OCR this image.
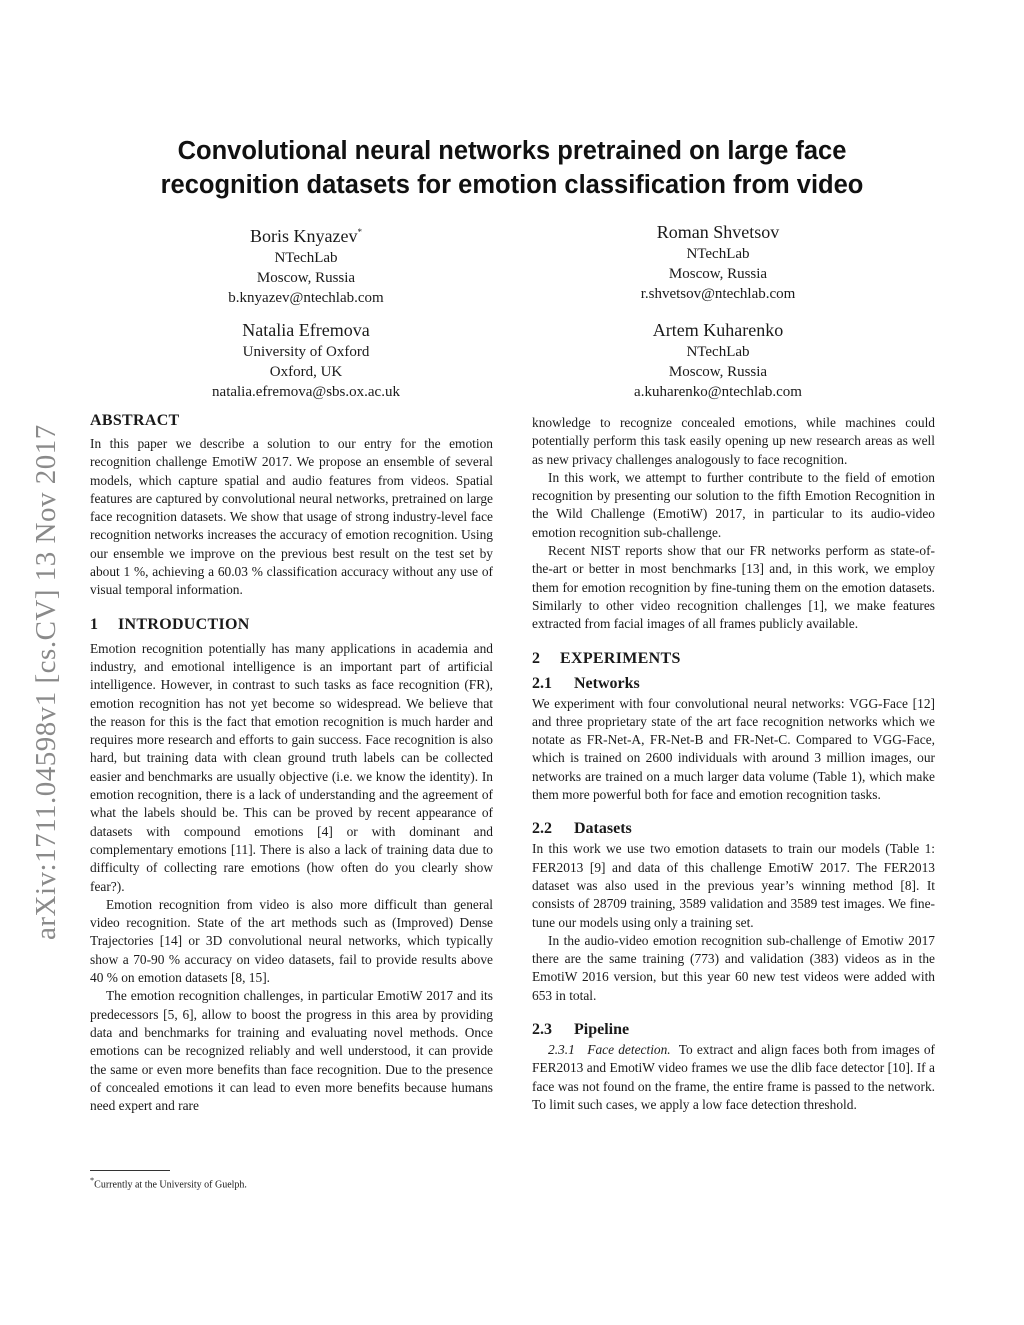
arXiv:1711.04598v1 [cs.CV] 13 Nov 2017
Convolutional neural networks pretrained on large face
recognition datasets for emotion classification from video
Boris Knyazev*
NTechLab
Moscow, Russia
b.knyazev@ntechlab.com
Roman Shvetsov
NTechLab
Moscow, Russia
r.shvetsov@ntechlab.com
Natalia Efremova
University of Oxford
Oxford, UK
natalia.efremova@sbs.ox.ac.uk
Artem Kuharenko
NTechLab
Moscow, Russia
a.kuharenko@ntechlab.com
ABSTRACT

In this paper we describe a solution to our entry for the emotion recognition challenge EmotiW 2017. We propose an ensemble of several models, which capture spatial and audio features from videos. Spatial features are captured by convolutional neural networks, pretrained on large face recognition datasets. We show that usage of strong industry-level face recognition networks increases the accuracy of emotion recognition. Using our ensemble we improve on the previous best result on the test set by about 1 %, achieving a 60.03 % classification accuracy without any use of visual temporal information.

1 INTRODUCTION

Emotion recognition potentially has many applications in academia and industry, and emotional intelligence is an important part of artificial intelligence. However, in contrast to such tasks as face recognition (FR), emotion recognition has not yet become so widespread. We believe that the reason for this is the fact that emotion recognition is much harder and requires more research and efforts to gain success. Face recognition is also hard, but training data with clean ground truth labels can be collected easier and benchmarks are usually objective (i.e. we know the identity). In emotion recognition, there is a lack of understanding and the agreement of what the labels should be. This can be proved by recent appearance of datasets with compound emotions [4] or with dominant and complementary emotions [11]. There is also a lack of training data due to difficulty of collecting rare emotions (how often do you clearly show fear?).

Emotion recognition from video is also more difficult than general video recognition. State of the art methods such as (Improved) Dense Trajectories [14] or 3D convolutional neural networks, which typically show a 70-90 % accuracy on video datasets, fail to provide results above 40 % on emotion datasets [8, 15].

The emotion recognition challenges, in particular EmotiW 2017 and its predecessors [5, 6], allow to boost the progress in this area by providing data and benchmarks for training and evaluating novel methods. Once emotions can be recognized reliably and well understood, it can provide the same or even more benefits than face recognition. Due to the presence of concealed emotions it can lead to even more benefits because humans need expert and rare

*Currently at the University of Guelph.

knowledge to recognize concealed emotions, while machines could potentially perform this task easily opening up new research areas as well as new privacy challenges analogously to face recognition.

In this work, we attempt to further contribute to the field of emotion recognition by presenting our solution to the fifth Emotion Recognition in the Wild Challenge (EmotiW) 2017, in particular to its audio-video emotion recognition sub-challenge.

Recent NIST reports show that our FR networks perform as state-of-the-art or better in most benchmarks [13] and, in this work, we employ them for emotion recognition by fine-tuning them on the emotion datasets. Similarly to other video recognition challenges [1], we make features extracted from facial images of all frames publicly available.

2 EXPERIMENTS
2.1 Networks

We experiment with four convolutional neural networks: VGG-Face [12] and three proprietary state of the art face recognition networks which we notate as FR-Net-A, FR-Net-B and FR-Net-C. Compared to VGG-Face, which is trained on 2600 individuals with around 3 million images, our networks are trained on a much larger data volume (Table 1), which make them more powerful both for face and emotion recognition tasks.

2.2 Datasets

In this work we use two emotion datasets to train our models (Table 1: FER2013 [9] and data of this challenge EmotiW 2017. The FER2013 dataset was also used in the previous year’s winning method [8]. It consists of 28709 training, 3589 validation and 3589 test images. We fine-tune our models using only a training set.

In the audio-video emotion recognition sub-challenge of Emotiw 2017 there are the same training (773) and validation (383) videos as in the EmotiW 2016 version, but this year 60 new test videos were added with 653 in total.

2.3 Pipeline

2.3.1 Face detection. To extract and align faces both from images of FER2013 and EmotiW video frames we use the dlib face detector [10]. If a face was not found on the frame, the entire frame is passed to the network. To limit such cases, we apply a low face detection threshold.
